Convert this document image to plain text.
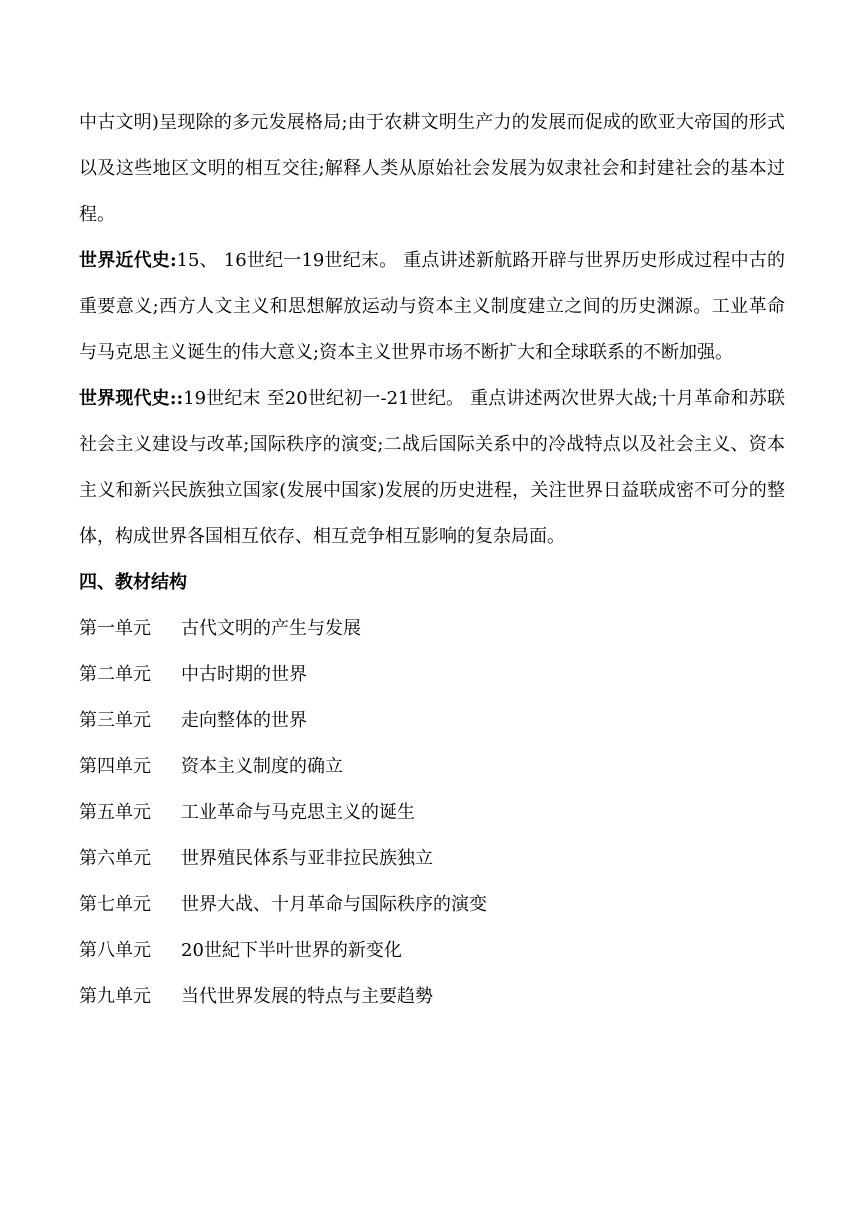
中古文明)呈现除的多元发展格局;由于农耕文明生产力的发展而促成的欧亚大帝国的形式以及这些地区文明的相互交往;解释人类从原始社会发展为奴隶社会和封建社会的基本过程。

世界近代史:15、 16世纪一19世纪末。 重点讲述新航路开辟与世界历史形成过程中古的重要意义;西方人文主义和思想解放运动与资本主义制度建立之间的历史渊源。工业革命与马克思主义诞生的伟大意义;资本主义世界市场不断扩大和全球联系的不断加强。

世界现代史::19世纪末 至20世纪初一-21世纪。 重点讲述两次世界大战;十月革命和苏联社会主义建设与改革;国际秩序的演变;二战后国际关系中的冷战特点以及社会主义、资本主义和新兴民族独立国家(发展中国家)发展的历史进程，关注世界日益联成密不可分的整体，构成世界各国相互依存、相互竞争相互影响的复杂局面。

四、教材结构
第一单元 古代文明的产生与发展
第二单元 中古时期的世界
第三单元 走向整体的世界
第四单元 资本主义制度的确立
第五单元 工业革命与马克思主义的诞生
第六单元 世界殖民体系与亚非拉民族独立
第七单元 世界大战、十月革命与国际秩序的演变
第八单元 20世紀下半叶世界的新变化
第九单元 当代世界发展的特点与主要趋勢
